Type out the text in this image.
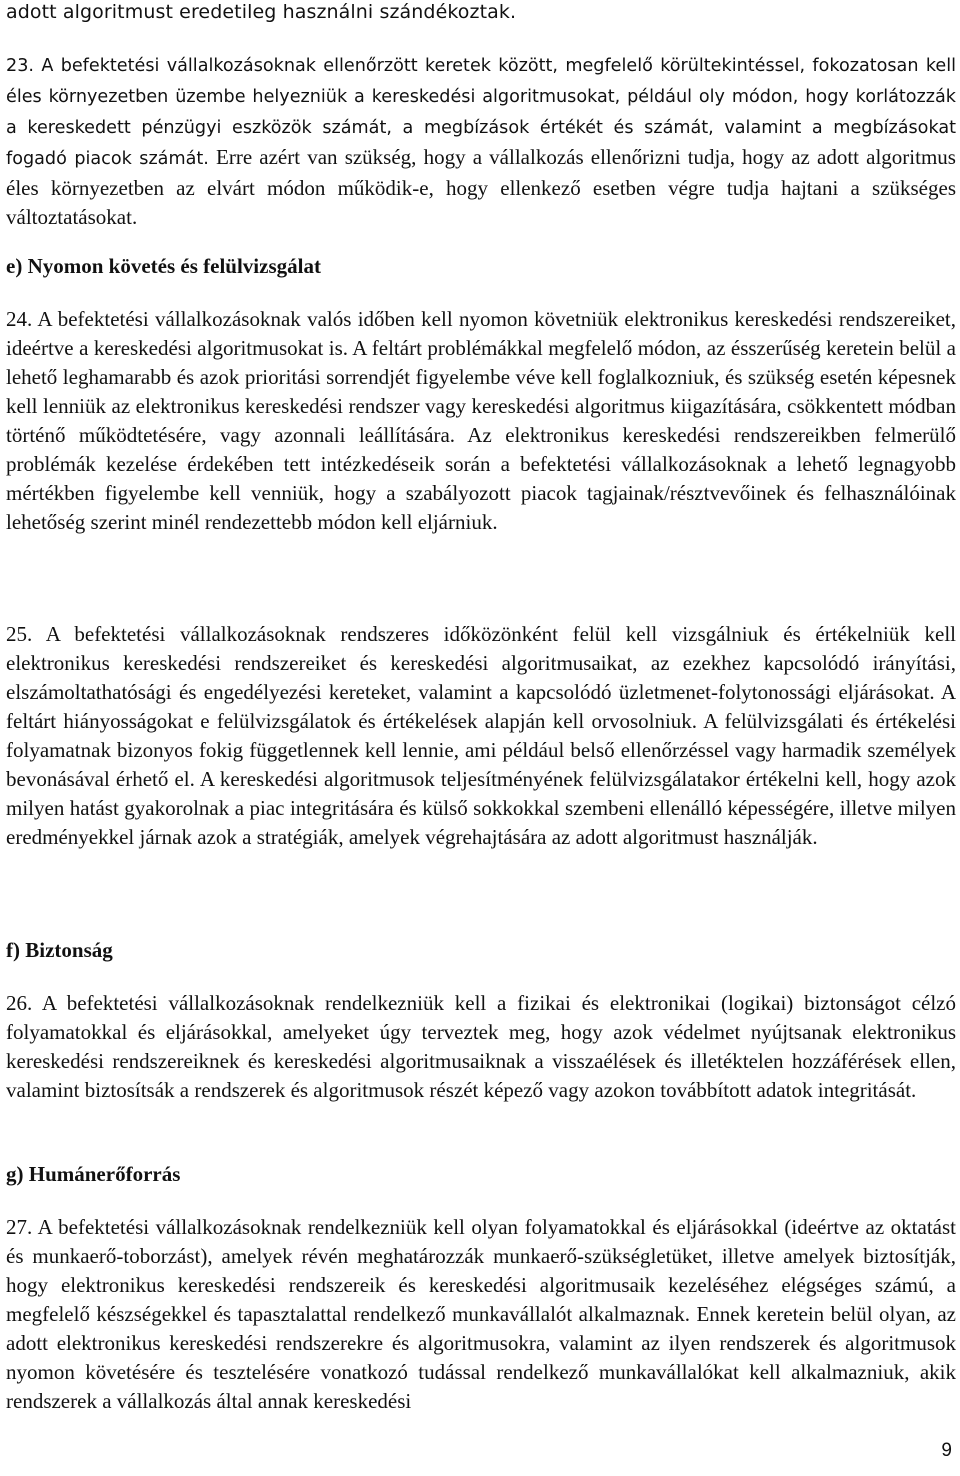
adott algoritmust eredetileg használni szándékoztak.

23. A befektetési vállalkozásoknak ellenőrzött keretek között, megfelelő körültekintéssel, fokozatosan kell éles környezetben üzembe helyezniük a kereskedési algoritmusokat, például oly módon, hogy korlátozzák a kereskedett pénzügyi eszközök számát, a megbízások értékét és számát, valamint a megbízásokat fogadó piacok számát. Erre azért van szükség, hogy a vállalkozás ellenőrizni tudja, hogy az adott algoritmus éles környezetben az elvárt módon működik-e, hogy ellenkező esetben végre tudja hajtani a szükséges változtatásokat.

e) Nyomon követés és felülvizsgálat

24. A befektetési vállalkozásoknak valós időben kell nyomon követniük elektronikus kereskedési rendszereiket, ideértve a kereskedési algoritmusokat is. A feltárt problémákkal megfelelő módon, az ésszerűség keretein belül a lehető leghamarabb és azok prioritási sorrendjét figyelembe véve kell foglalkozniuk, és szükség esetén képesnek kell lenniük az elektronikus kereskedési rendszer vagy kereskedési algoritmus kiigazítására, csökkentett módban történő működtetésére, vagy azonnali leállítására. Az elektronikus kereskedési rendszereikben felmerülő problémák kezelése érdekében tett intézkedéseik során a befektetési vállalkozásoknak a lehető legnagyobb mértékben figyelembe kell venniük, hogy a szabályozott piacok tagjainak/résztvevőinek és felhasználóinak lehetőség szerint minél rendezettebb módon kell eljárniuk.

25. A befektetési vállalkozásoknak rendszeres időközönként felül kell vizsgálniuk és értékelniük kell elektronikus kereskedési rendszereiket és kereskedési algoritmusaikat, az ezekhez kapcsolódó irányítási, elszámoltathatósági és engedélyezési kereteket, valamint a kapcsolódó üzletmenet-folytonossági eljárásokat. A feltárt hiányosságokat e felülvizsgálatok és értékelések alapján kell orvosolniuk. A felülvizsgálati és értékelési folyamatnak bizonyos fokig függetlennek kell lennie, ami például belső ellenőrzéssel vagy harmadik személyek bevonásával érhető el. A kereskedési algoritmusok teljesítményének felülvizsgálatakor értékelni kell, hogy azok milyen hatást gyakorolnak a piac integritására és külső sokkokkal szembeni ellenálló képességére, illetve milyen eredményekkel járnak azok a stratégiák, amelyek végrehajtására az adott algoritmust használják.

f) Biztonság

26. A befektetési vállalkozásoknak rendelkezniük kell a fizikai és elektronikai (logikai) biztonságot célzó folyamatokkal és eljárásokkal, amelyeket úgy terveztek meg, hogy azok védelmet nyújtsanak elektronikus kereskedési rendszereiknek és kereskedési algoritmusaiknak a visszaélések és illetéktelen hozzáférések ellen, valamint biztosítsák a rendszerek és algoritmusok részét képező vagy azokon továbbított adatok integritását.

g) Humánerőforrás

27. A befektetési vállalkozásoknak rendelkezniük kell olyan folyamatokkal és eljárásokkal (ideértve az oktatást és munkaerő-toborzást), amelyek révén meghatározzák munkaerő-szükségletüket, illetve amelyek biztosítják, hogy elektronikus kereskedési rendszereik és kereskedési algoritmusaik kezeléséhez elégséges számú, a megfelelő készségekkel és tapasztalattal rendelkező munkavállalót alkalmaznak. Ennek keretein belül olyan, az adott elektronikus kereskedési rendszerekre és algoritmusokra, valamint az ilyen rendszerek és algoritmusok nyomon követésére és tesztelésére vonatkozó tudással rendelkező munkavállalókat kell alkalmazniuk, akik rendszerek a vállalkozás által annak kereskedési

9
